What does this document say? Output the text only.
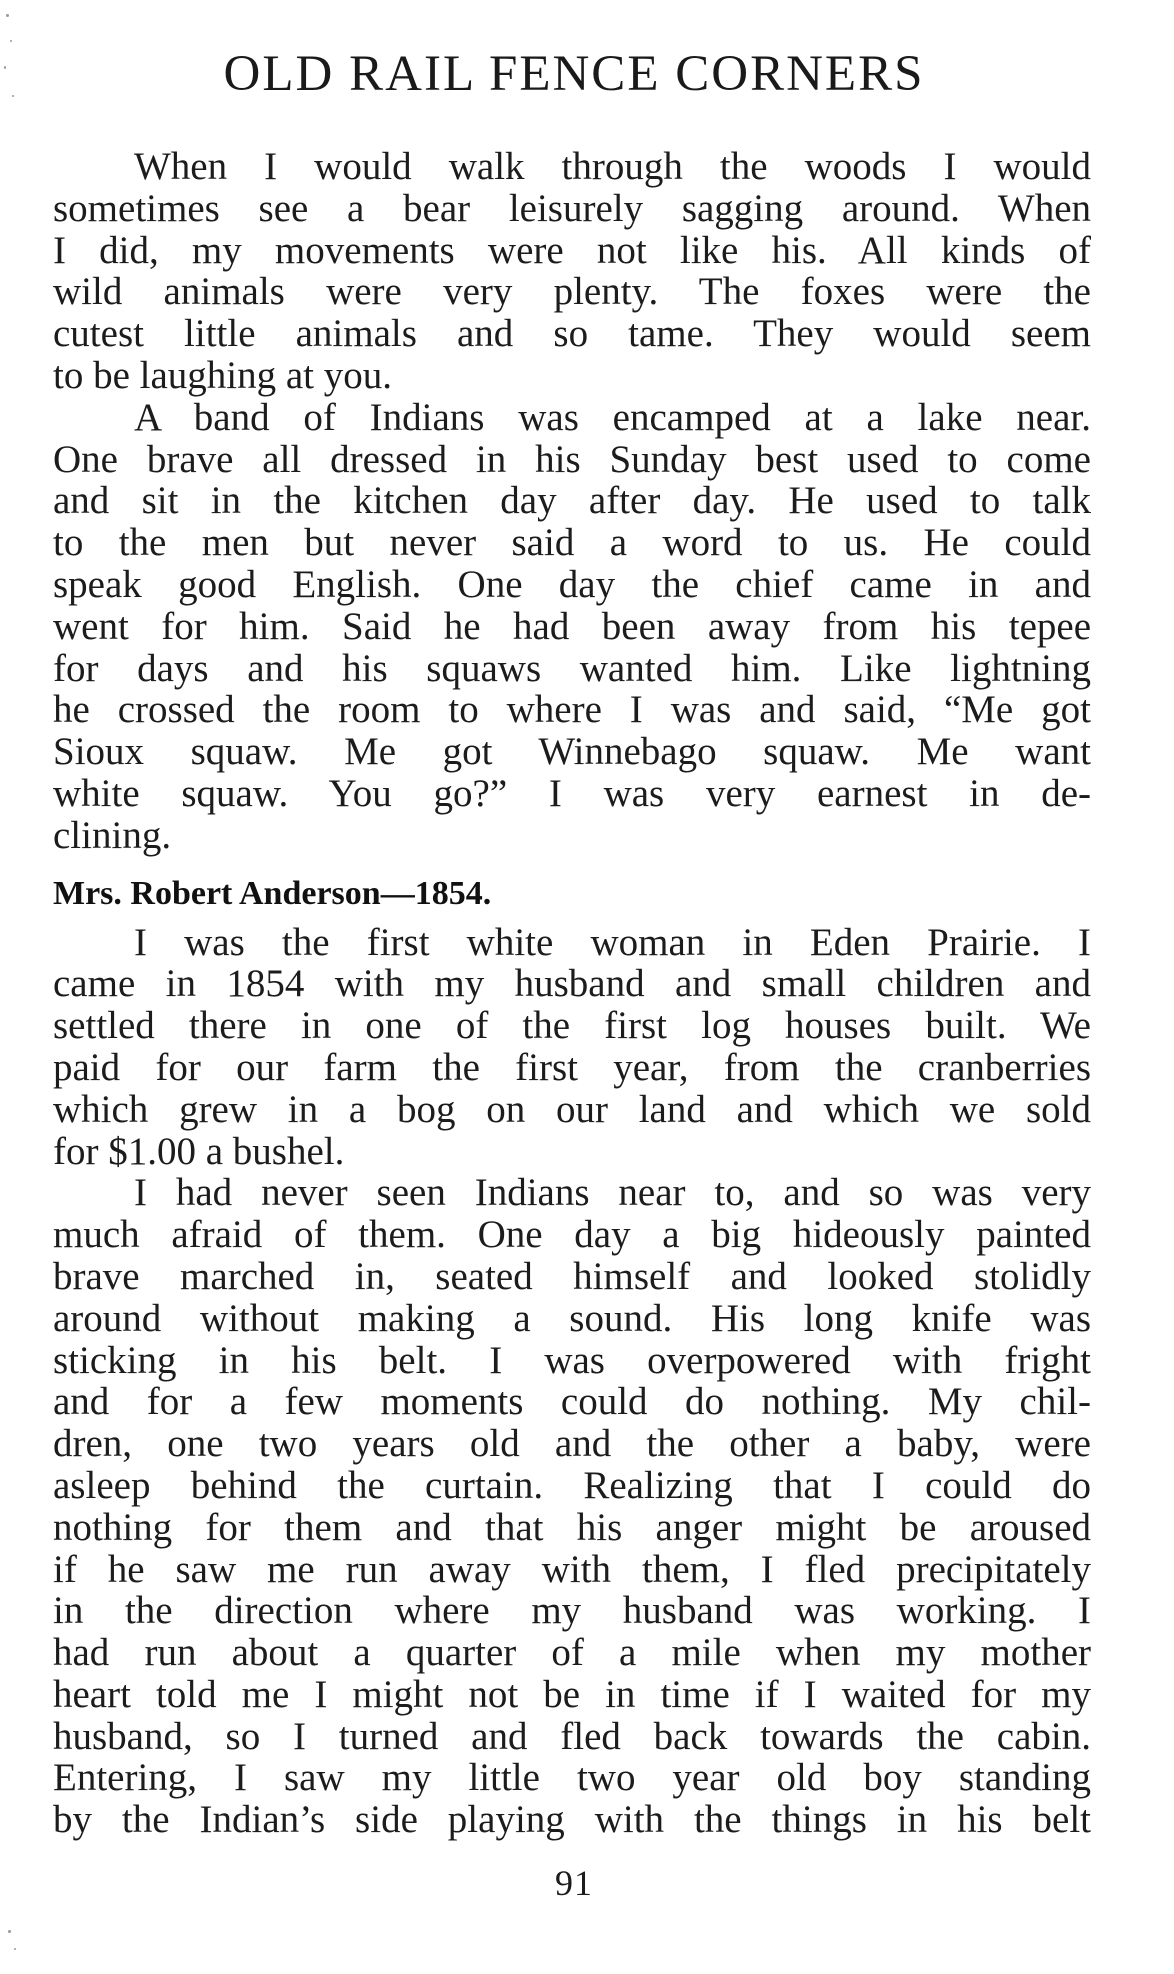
OLD RAIL FENCE CORNERS
When I would walk through the woods I would
sometimes see a bear leisurely sagging around. When
I did, my movements were not like his. All kinds of
wild animals were very plenty. The foxes were the
cutest little animals and so tame. They would seem
to be laughing at you.
A band of Indians was encamped at a lake near.
One brave all dressed in his Sunday best used to come
and sit in the kitchen day after day. He used to talk
to the men but never said a word to us. He could
speak good English. One day the chief came in and
went for him. Said he had been away from his tepee
for days and his squaws wanted him. Like lightning
he crossed the room to where I was and said, “Me got
Sioux squaw. Me got Winnebago squaw. Me want
white squaw. You go?” I was very earnest in de-
clining.
Mrs. Robert Anderson—1854.
I was the first white woman in Eden Prairie. I
came in 1854 with my husband and small children and
settled there in one of the first log houses built. We
paid for our farm the first year, from the cranberries
which grew in a bog on our land and which we sold
for $1.00 a bushel.
I had never seen Indians near to, and so was very
much afraid of them. One day a big hideously painted
brave marched in, seated himself and looked stolidly
around without making a sound. His long knife was
sticking in his belt. I was overpowered with fright
and for a few moments could do nothing. My chil-
dren, one two years old and the other a baby, were
asleep behind the curtain. Realizing that I could do
nothing for them and that his anger might be aroused
if he saw me run away with them, I fled precipitately
in the direction where my husband was working. I
had run about a quarter of a mile when my mother
heart told me I might not be in time if I waited for my
husband, so I turned and fled back towards the cabin.
Entering, I saw my little two year old boy standing
by the Indian’s side playing with the things in his belt
91
